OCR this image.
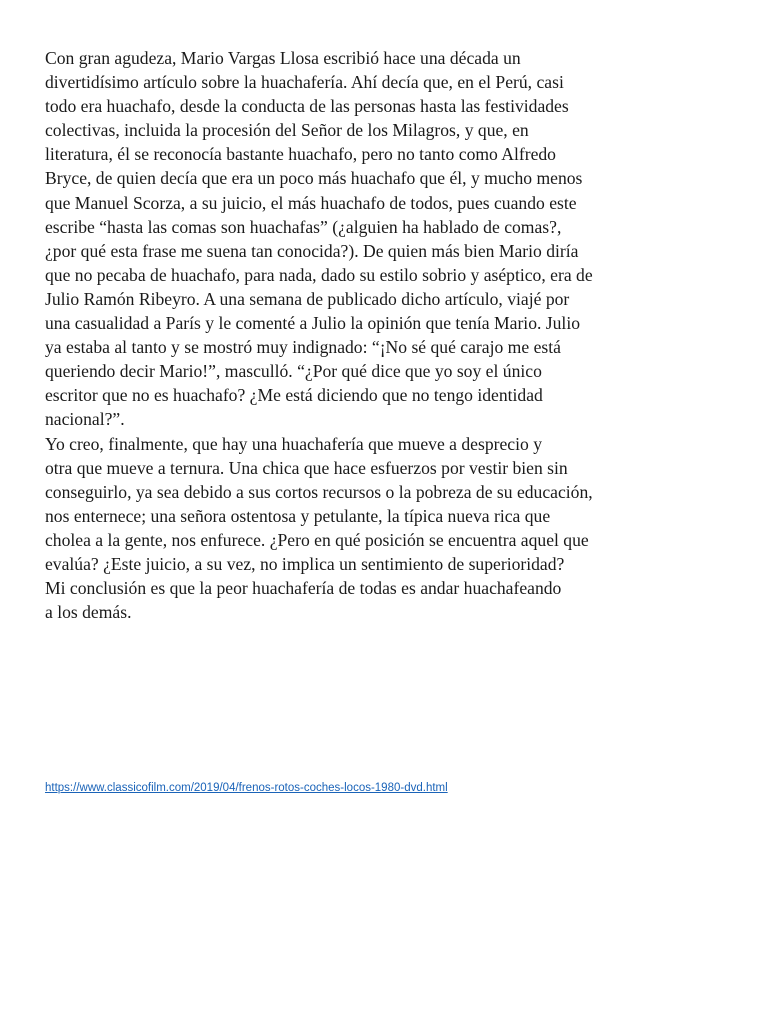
Con gran agudeza, Mario Vargas Llosa escribió hace una década un
divertidísimo artículo sobre la huachafería. Ahí decía que, en el Perú, casi
todo era huachafo, desde la conducta de las personas hasta las festividades
colectivas, incluida la procesión del Señor de los Milagros, y que, en
literatura, él se reconocía bastante huachafo, pero no tanto como Alfredo
Bryce, de quien decía que era un poco más huachafo que él, y mucho menos
que Manuel Scorza, a su juicio, el más huachafo de todos, pues cuando este
escribe “hasta las comas son huachafas” (¿alguien ha hablado de comas?,
¿por qué esta frase me suena tan conocida?). De quien más bien Mario diría
que no pecaba de huachafo, para nada, dado su estilo sobrio y aséptico, era de
Julio Ramón Ribeyro. A una semana de publicado dicho artículo, viajé por
una casualidad a París y le comenté a Julio la opinión que tenía Mario. Julio
ya estaba al tanto y se mostró muy indignado: “¡No sé qué carajo me está
queriendo decir Mario!”, masculló. “¿Por qué dice que yo soy el único
escritor que no es huachafo? ¿Me está diciendo que no tengo identidad
nacional?”.
Yo creo, finalmente, que hay una huachafería que mueve a desprecio y
otra que mueve a ternura. Una chica que hace esfuerzos por vestir bien sin
conseguirlo, ya sea debido a sus cortos recursos o la pobreza de su educación,
nos enternece; una señora ostentosa y petulante, la típica nueva rica que
cholea a la gente, nos enfurece. ¿Pero en qué posición se encuentra aquel que
evalúa? ¿Este juicio, a su vez, no implica un sentimiento de superioridad?
Mi conclusión es que la peor huachafería de todas es andar huachafeando
a los demás.
https://www.classicofilm.com/2019/04/frenos-rotos-coches-locos-1980-dvd.html
